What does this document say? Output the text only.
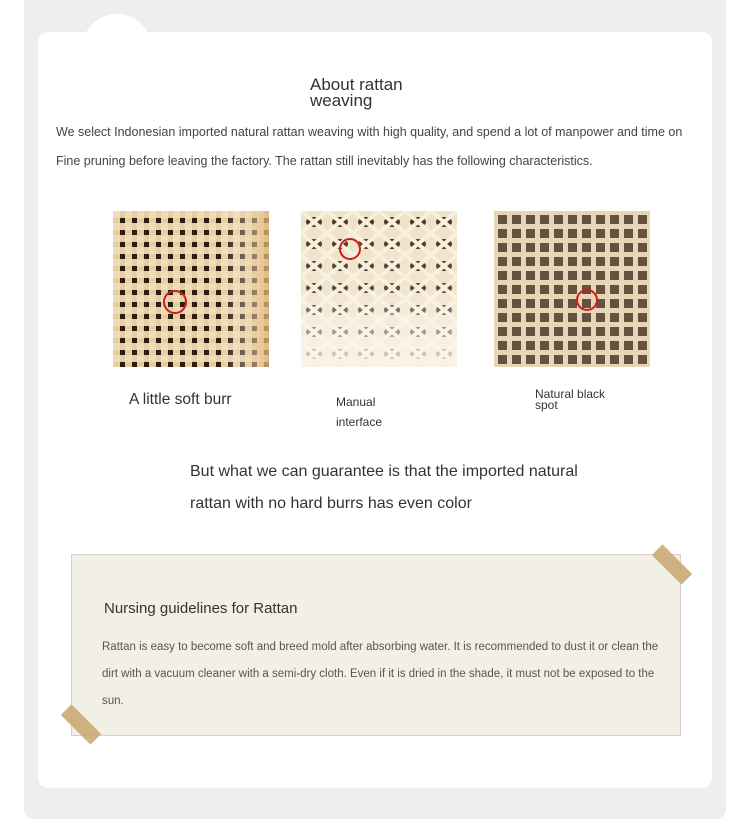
About rattan weaving

We select Indonesian imported natural rattan weaving with high quality, and spend a lot of manpower and time on Fine pruning before leaving the factory. The rattan still inevitably has the following characteristics.

A little soft burr	Manual interface

Natural black spot

But what we can guarantee is that the imported natural rattan with no hard burrs has even color

Nursing guidelines for Rattan

Rattan is easy to become soft and breed mold after absorbing water. It is recommended to dust it or clean the dirt with a vacuum cleaner with a semi-dry cloth. Even if it is dried in the shade, it must not be exposed to the sun.
